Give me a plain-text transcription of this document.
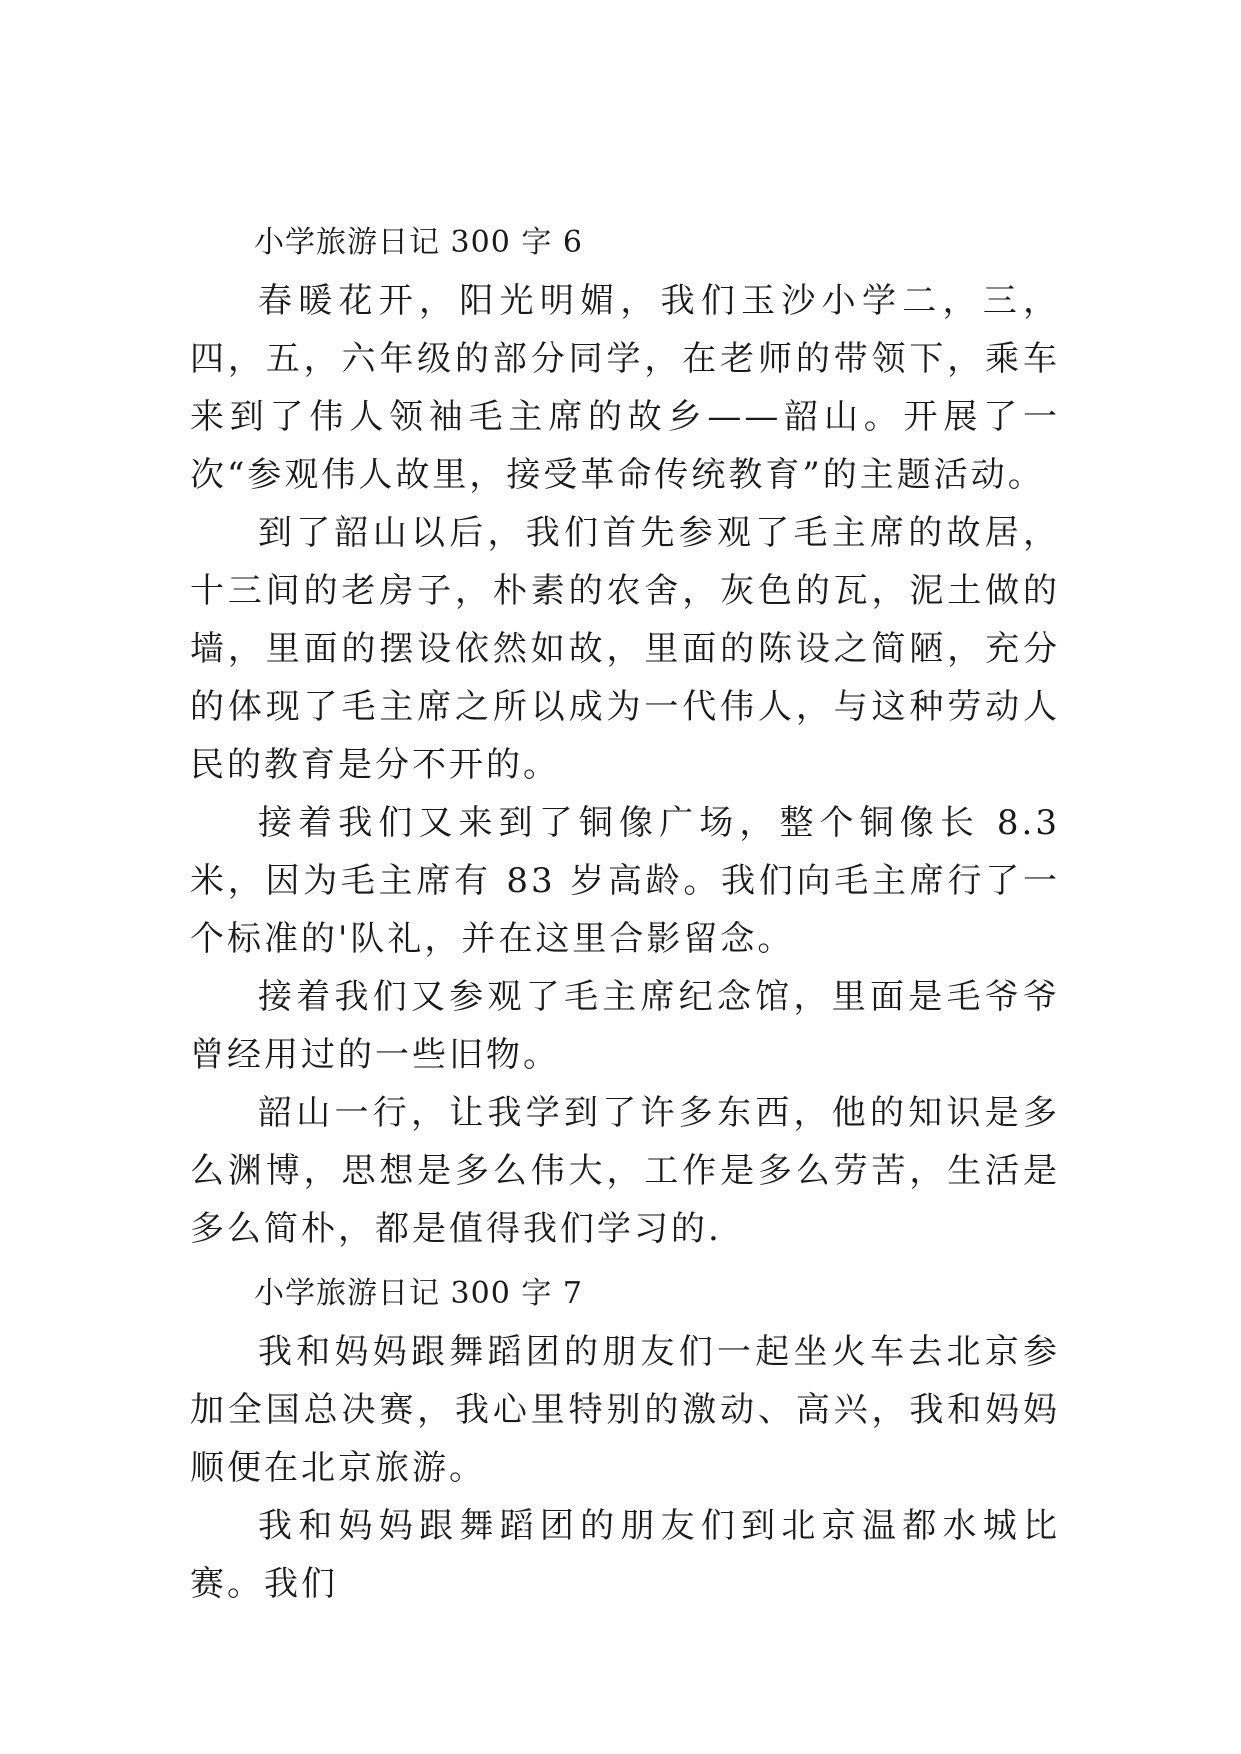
小学旅游日记 300 字 6

春暖花开，阳光明媚，我们玉沙小学二，三，四，五，六年级的部分同学，在老师的带领下，乘车来到了伟人领袖毛主席的故乡——韶山。开展了一次“参观伟人故里，接受革命传统教育”的主题活动。

到了韶山以后，我们首先参观了毛主席的故居，十三间的老房子，朴素的农舍，灰色的瓦，泥土做的墙，里面的摆设依然如故，里面的陈设之简陋，充分的体现了毛主席之所以成为一代伟人，与这种劳动人民的教育是分不开的。

接着我们又来到了铜像广场，整个铜像长 8.3 米，因为毛主席有 83 岁高龄。我们向毛主席行了一个标准的'队礼，并在这里合影留念。

接着我们又参观了毛主席纪念馆，里面是毛爷爷曾经用过的一些旧物。

韶山一行，让我学到了许多东西，他的知识是多么渊博，思想是多么伟大，工作是多么劳苦，生活是多么简朴，都是值得我们学习的.

小学旅游日记 300 字 7

我和妈妈跟舞蹈团的朋友们一起坐火车去北京参加全国总决赛，我心里特别的激动、高兴，我和妈妈顺便在北京旅游。

我和妈妈跟舞蹈团的朋友们到北京温都水城比赛。我们
